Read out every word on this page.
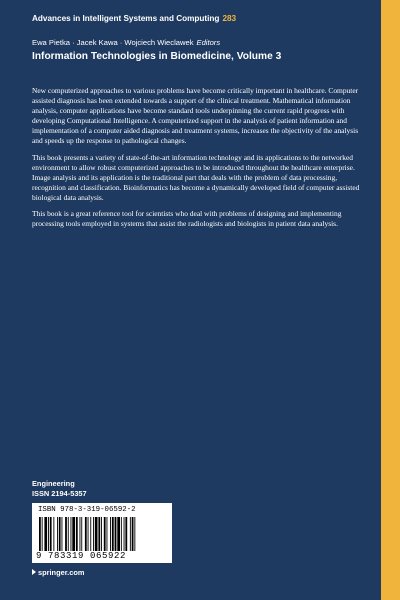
Advances in Intelligent Systems and Computing 283
Ewa Pietka · Jacek Kawa · Wojciech Wieclawek Editors
Information Technologies in Biomedicine, Volume 3

New computerized approaches to various problems have become critically important in healthcare. Computer assisted diagnosis has been extended towards a support of the clinical treatment. Mathematical information analysis, computer applications have become standard tools underpinning the current rapid progress with developing Computational Intelligence. A computerized support in the analysis of patient information and implementation of a computer aided diagnosis and treatment systems, increases the objectivity of the analysis and speeds up the response to pathological changes.

This book presents a variety of state-of-the-art information technology and its applications to the networked environment to allow robust computerized approaches to be introduced throughout the healthcare enterprise. Image analysis and its application is the traditional part that deals with the problem of data processing, recognition and classification. Bioinformatics has become a dynamically developed field of computer assisted biological data analysis.

This book is a great reference tool for scientists who deal with problems of designing and implementing processing tools employed in systems that assist the radiologists and biologists in patient data analysis.

Engineering
ISSN 2194-5357
ISBN 978-3-319-06592-2
9 783319 065922
springer.com
